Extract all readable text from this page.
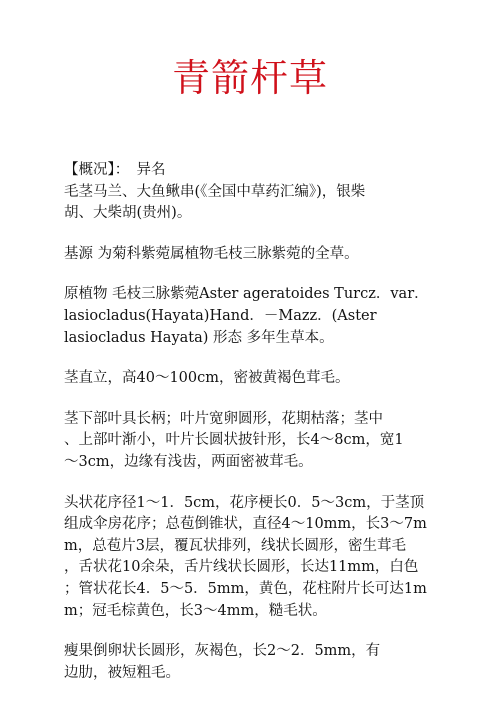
青箭杆草

【概况】：　异名
毛茎马兰、大鱼鳅串(《全国中草药汇编》)，银柴
胡、大柴胡(贵州)。

基源 为菊科紫菀属植物毛枝三脉紫菀的全草。

原植物 毛枝三脉紫菀Aster ageratoides Turcz．var．
lasiocladus(Hayata)Hand．－Mazz．(Aster
lasiocladus Hayata) 形态 多年生草本。

茎直立，高40～100cm，密被黄褐色茸毛。

茎下部叶具长柄；叶片宽卵圆形，花期枯落；茎中
、上部叶渐小，叶片长圆状披针形，长4～8cm，宽1
～3cm，边缘有浅齿，两面密被茸毛。

头状花序径1～1．5cm，花序梗长0．5～3cm，于茎顶
组成伞房花序；总苞倒锥状，直径4～10mm，长3～7m
m，总苞片3层，覆瓦状排列，线状长圆形，密生茸毛
，舌状花10余朵，舌片线状长圆形，长达11mm，白色
；管状花长4．5～5．5mm，黄色，花柱附片长可达1m
m；冠毛棕黄色，长3～4mm，糙毛状。

瘦果倒卵状长圆形，灰褐色，长2～2．5mm，有
边肋，被短粗毛。
